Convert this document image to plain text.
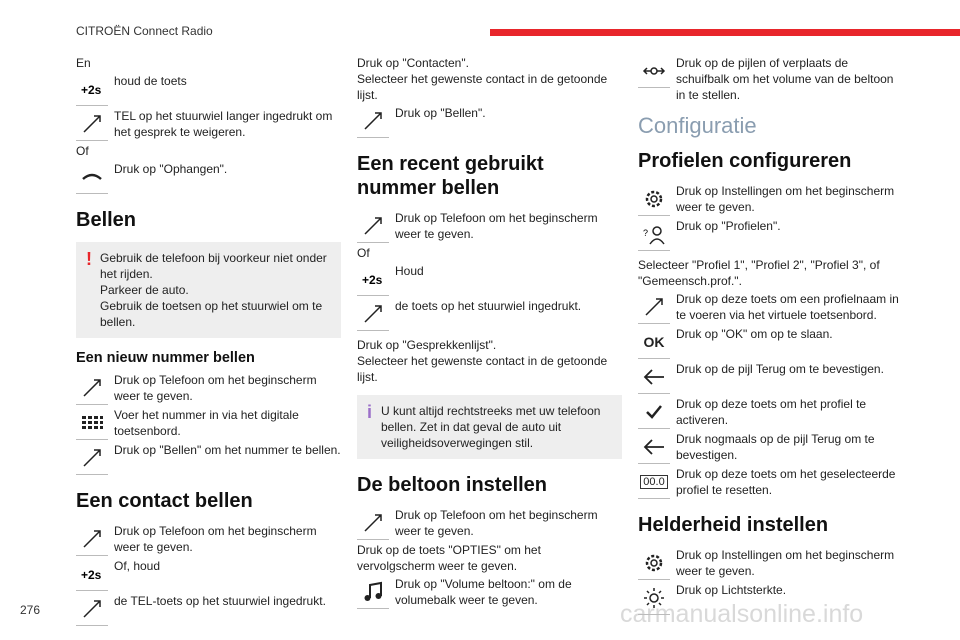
CITROËN Connect Radio
276	carmanualsonline.info

En

+2s
houd de toets
TEL op het stuurwiel langer ingedrukt om het gesprek te weigeren.

Of

Druk op "Ophangen".
Bellen
! Gebruik de telefoon bij voorkeur niet onder het rijden.
Parkeer de auto.
Gebruik de toetsen op het stuurwiel om te bellen.
Een nieuw nummer bellen
Druk op Telefoon om het beginscherm weer te geven.
Voer het nummer in via het digitale toetsenbord.
Druk op "Bellen" om het nummer te bellen.
Een contact bellen
Druk op Telefoon om het beginscherm weer te geven.
+2s
Of, houd
de TEL-toets op het stuurwiel ingedrukt.

Druk op "Contacten".
Selecteer het gewenste contact in de getoonde lijst.

Druk op "Bellen".
Een recent gebruikt nummer bellen
Druk op Telefoon om het beginscherm weer te geven.

Of

+2s
Houd
de toets op het stuurwiel ingedrukt.

Druk op "Gesprekkenlijst".
Selecteer het gewenste contact in de getoonde lijst.

i U kunt altijd rechtstreeks met uw telefoon bellen. Zet in dat geval de auto uit veiligheidsoverwegingen stil.
De beltoon instellen
Druk op Telefoon om het beginscherm weer te geven.

Druk op de toets "OPTIES" om het vervolgscherm weer te geven.

Druk op "Volume beltoon:" om de volumebalk weer te geven.
Druk op de pijlen of verplaats de schuifbalk om het volume van de beltoon in te stellen.
Configuratie
Profielen configureren
Druk op Instellingen om het beginscherm weer te geven.
? Druk op "Profielen".

Selecteer "Profiel 1", "Profiel 2", "Profiel 3", of "Gemeensch.prof.".

Druk op deze toets om een profielnaam in te voeren via het virtuele toetsenbord.
OK Druk op "OK" om op te slaan.
Druk op de pijl Terug om te bevestigen.
Druk op deze toets om het profiel te activeren.
Druk nogmaals op de pijl Terug om te bevestigen.
00.0
Druk op deze toets om het geselecteerde profiel te resetten.
Helderheid instellen
Druk op Instellingen om het beginscherm weer te geven.
Druk op Lichtsterkte.
